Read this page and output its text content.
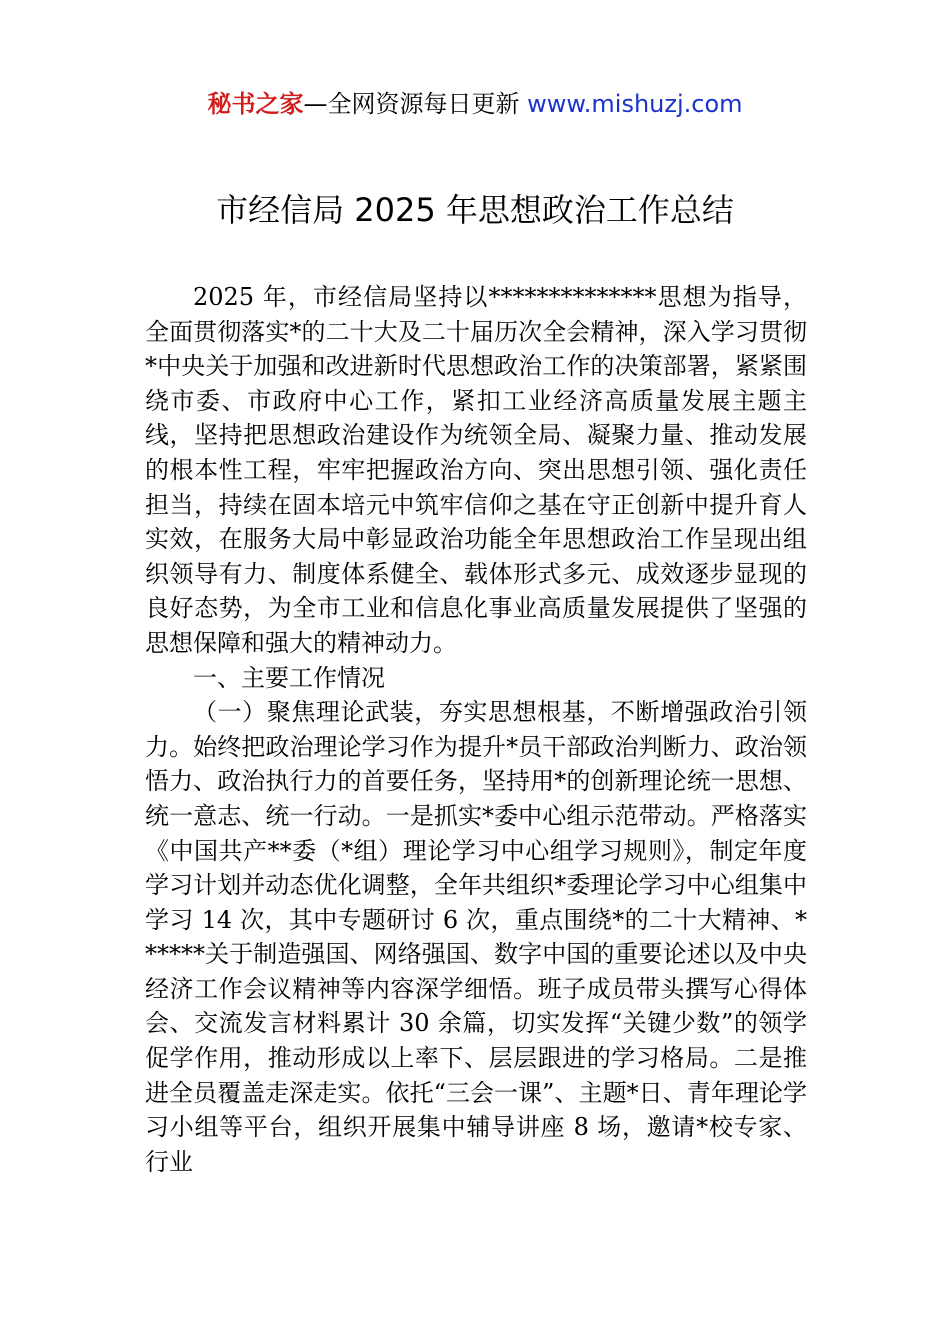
秘书之家—全网资源每日更新 www.mishuzj.com
市经信局 2025 年思想政治工作总结

2025 年，市经信局坚持以**************思想为指导，全面贯彻落实*的二十大及二十届历次全会精神，深入学习贯彻*中央关于加强和改进新时代思想政治工作的决策部署，紧紧围绕市委、市政府中心工作，紧扣工业经济高质量发展主题主线，坚持把思想政治建设作为统领全局、凝聚力量、推动发展的根本性工程，牢牢把握政治方向、突出思想引领、强化责任担当，持续在固本培元中筑牢信仰之基在守正创新中提升育人实效，在服务大局中彰显政治功能全年思想政治工作呈现出组织领导有力、制度体系健全、载体形式多元、成效逐步显现的良好态势，为全市工业和信息化事业高质量发展提供了坚强的思想保障和强大的精神动力。

一、主要工作情况

（一）聚焦理论武装，夯实思想根基，不断增强政治引领力。始终把政治理论学习作为提升*员干部政治判断力、政治领悟力、政治执行力的首要任务，坚持用*的创新理论统一思想、统一意志、统一行动。一是抓实*委中心组示范带动。严格落实《中国共产**委（*组）理论学习中心组学习规则》，制定年度学习计划并动态优化调整，全年共组织*委理论学习中心组集中学习 14 次，其中专题研讨 6 次，重点围绕*的二十大精神、******关于制造强国、网络强国、数字中国的重要论述以及中央经济工作会议精神等内容深学细悟。班子成员带头撰写心得体会、交流发言材料累计 30 余篇，切实发挥“关键少数”的领学促学作用，推动形成以上率下、层层跟进的学习格局。二是推进全员覆盖走深走实。依托“三会一课”、主题*日、青年理论学习小组等平台，组织开展集中辅导讲座 8 场，邀请*校专家、行业
